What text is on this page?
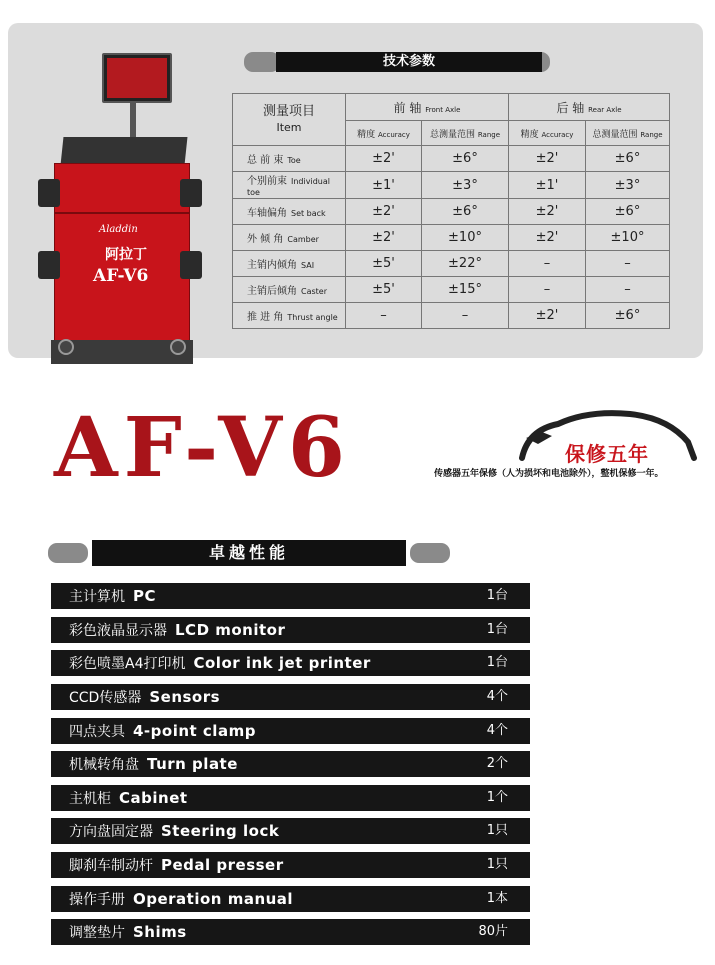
Aladdin
阿拉丁
AF-V6
技术参数
测量项目
Item	前 轴 Front Axle		后 轴 Rear Axle	
	精度 Accuracy	总测量范围 Range	精度 Accuracy	总测量范围 Range
总 前 束 Toe	±2'	±6°	±2'	±6°
个别前束 Individual toe	±1'	±3°	±1'	±3°
车轴偏角 Set back	±2'	±6°	±2'	±6°
外 倾 角 Camber	±2'	±10°	±2'	±10°
主销内倾角 SAI	±5'	±22°	–	–
主销后倾角 Caster	±5'	±15°	–	–
推 进 角 Thrust angle	–	–	±2'	±6°
AF-V6	保修五年
传感器五年保修（人为损坏和电池除外），整机保修一年。
卓越性能
主计算机 PC	1台
彩色液晶显示器 LCD monitor	1台
彩色喷墨A4打印机 Color ink jet printer	1台
CCD传感器 Sensors	4个
四点夹具 4-point clamp	4个
机械转角盘 Turn plate	2个
主机柜 Cabinet	1个
方向盘固定器 Steering lock	1只
脚刹车制动杆 Pedal presser	1只
操作手册 Operation manual	1本
调整垫片 Shims	80片
